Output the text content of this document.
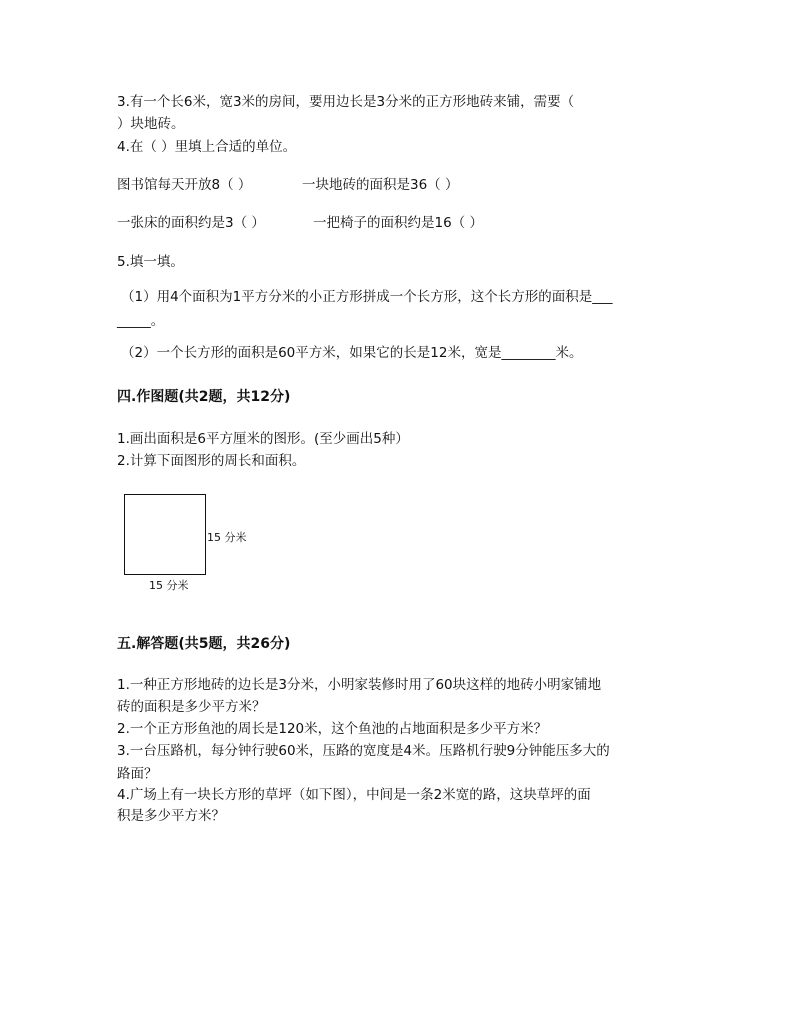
3.有一个长6米，宽3米的房间，要用边长是3分米的正方形地砖来铺，需要（
）块地砖。
4.在（ ）里填上合适的单位。
图书馆每天开放8（ ）	一块地砖的面积是36（ ）
一张床的面积约是3（ ）	一把椅子的面积约是16（ ）
5.填一填。
（1）用4个面积为1平方分米的小正方形拼成一个长方形，这个长方形的面积是___
_____。
（2）一个长方形的面积是60平方米，如果它的长是12米，宽是________米。
四.作图题(共2题，共12分)
1.画出面积是6平方厘米的图形。(至少画出5种）
2.计算下面图形的周长和面积。
15 分米
15 分米
五.解答题(共5题，共26分)
1.一种正方形地砖的边长是3分米，小明家装修时用了60块这样的地砖小明家铺地
砖的面积是多少平方米？
2.一个正方形鱼池的周长是120米，这个鱼池的占地面积是多少平方米？
3.一台压路机，每分钟行驶60米，压路的宽度是4米。压路机行驶9分钟能压多大的
路面？
4.广场上有一块长方形的草坪（如下图），中间是一条2米宽的路，这块草坪的面
积是多少平方米？
